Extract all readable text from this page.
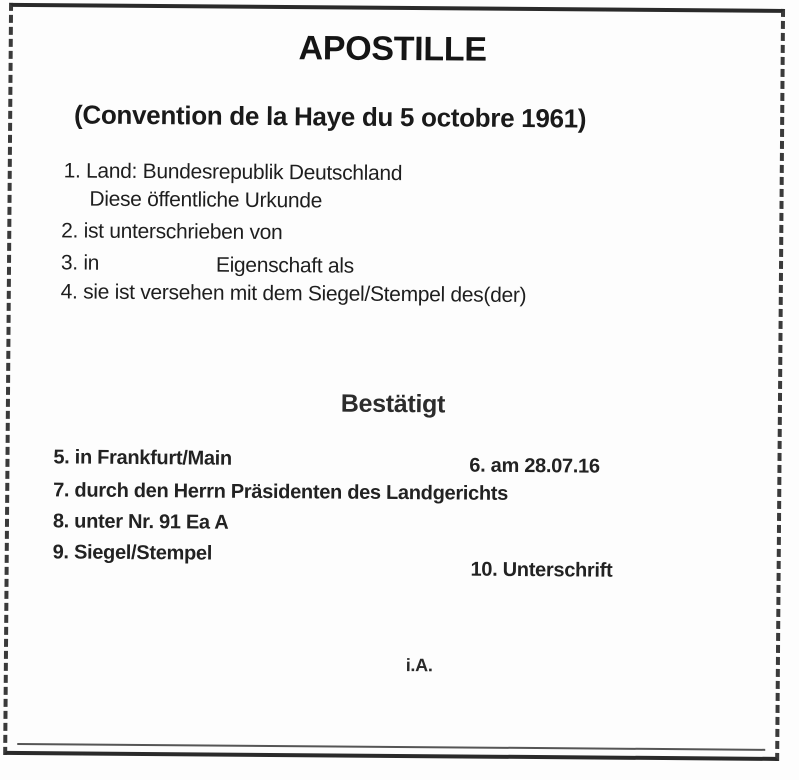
APOSTILLE
(Convention de la Haye du 5 octobre 1961)
1. Land: Bundesrepublik Deutschland
Diese öffentliche Urkunde
2. ist unterschrieben von
3. in	Eigenschaft als
4. sie ist versehen mit dem Siegel/Stempel des(der)
Bestätigt
5. in Frankfurt/Main	6. am 28.07.16
7. durch den Herrn Präsidenten des Landgerichts
8. unter Nr. 91 Ea A
9. Siegel/Stempel
10. Unterschrift
i.A.
